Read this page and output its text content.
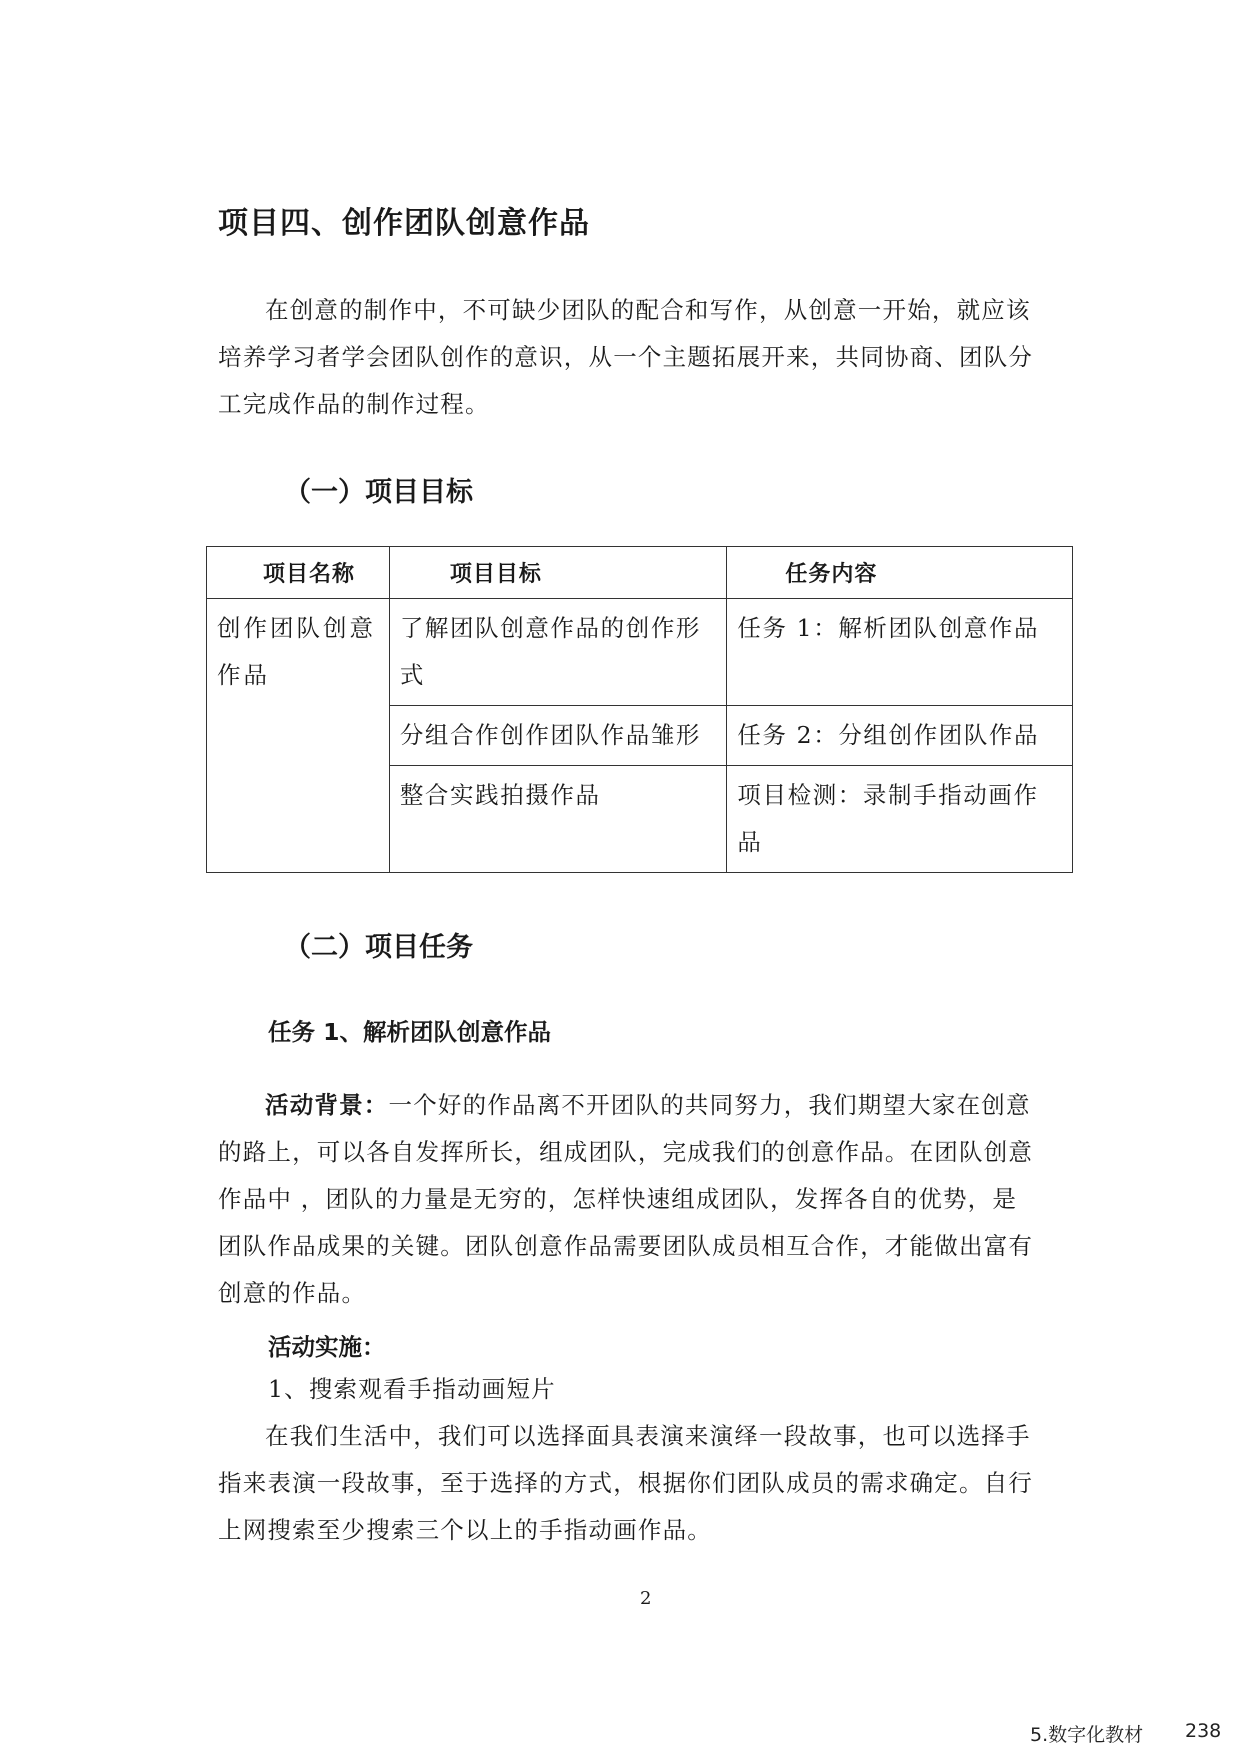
项目四、创作团队创意作品

在创意的制作中，不可缺少团队的配合和写作，从创意一开始，就应该培养学习者学会团队创作的意识，从一个主题拓展开来，共同协商、团队分工完成作品的制作过程。

（一）项目目标
项目名称	项目目标	任务内容
创作团队创意作品	了解团队创意作品的创作形式	任务 1：解析团队创意作品
	分组合作创作团队作品雏形	任务 2：分组创作团队作品
	整合实践拍摄作品	项目检测：录制手指动画作品
（二）项目任务
任务 1、解析团队创意作品

活动背景：一个好的作品离不开团队的共同努力，我们期望大家在创意的路上，可以各自发挥所长，组成团队，完成我们的创意作品。在团队创意作品中 ，团队的力量是无穷的，怎样快速组成团队，发挥各自的优势，是团队作品成果的关键。团队创意作品需要团队成员相互合作，才能做出富有创意的作品。

活动实施：

1、搜索观看手指动画短片

在我们生活中，我们可以选择面具表演来演绎一段故事，也可以选择手指来表演一段故事，至于选择的方式，根据你们团队成员的需求确定。自行上网搜索至少搜索三个以上的手指动画作品。

2
5.数字化教材 238
